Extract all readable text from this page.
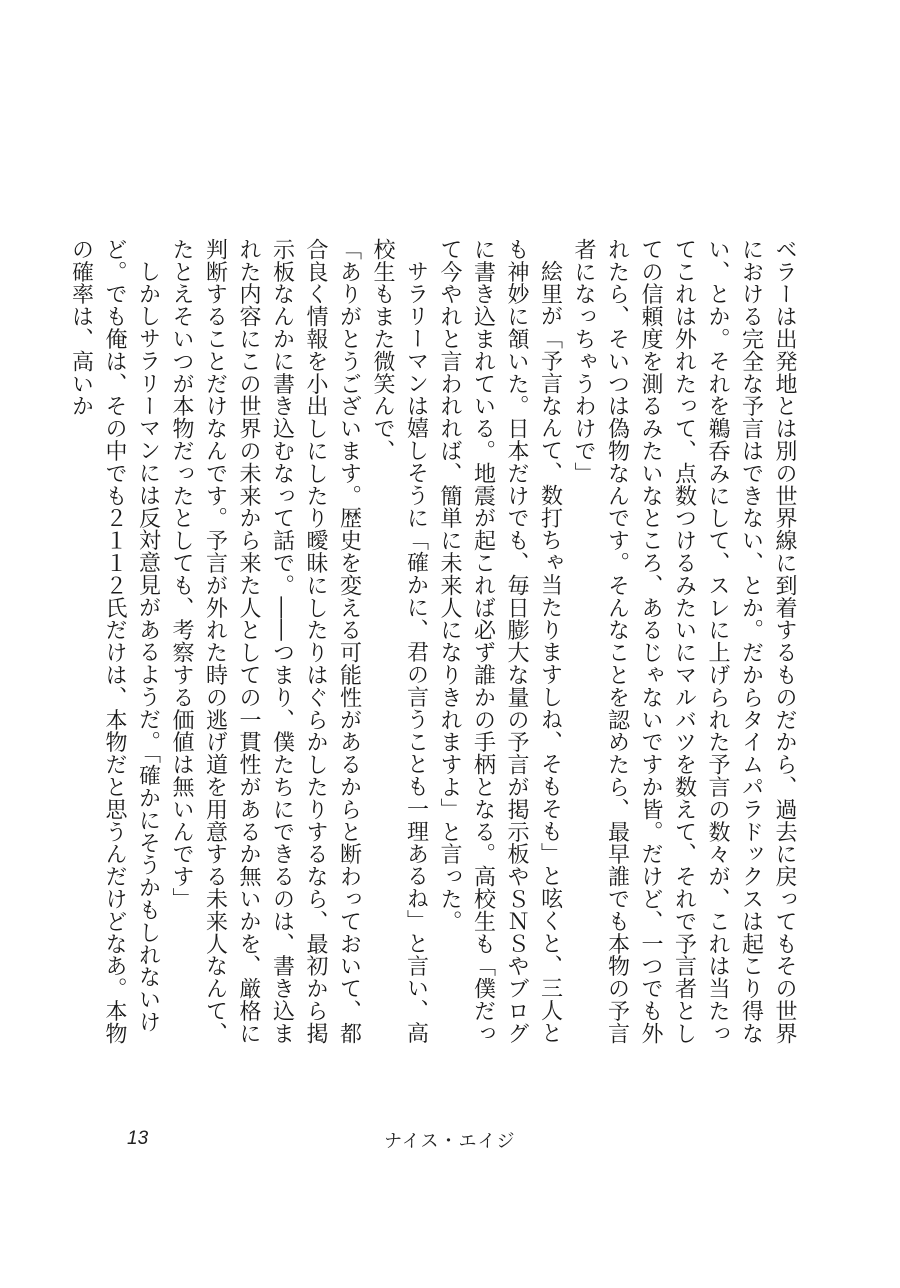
ベラーは出発地とは別の世界線に到着するものだから、過去に戻ってもその世界における完全な予言はできない、とか。だからタイムパラドックスは起こり得ない、とか。それを鵜呑みにして、スレに上げられた予言の数々が、これは当たってこれは外れたって、点数つけるみたいにマルバツを数えて、それで予言者としての信頼度を測るみたいなところ、あるじゃないですか皆。だけど、一つでも外れたら、そいつは偽物なんです。そんなことを認めたら、最早誰でも本物の予言者になっちゃうわけで」

絵里が「予言なんて、数打ちゃ当たりますしね、そもそも」と呟くと、三人とも神妙に頷いた。日本だけでも、毎日膨大な量の予言が掲示板やＳＮＳやブログに書き込まれている。地震が起これば必ず誰かの手柄となる。高校生も「僕だって今やれと言われれば、簡単に未来人になりきれますよ」と言った。

サラリーマンは嬉しそうに「確かに、君の言うことも一理あるね」と言い、高校生もまた微笑んで、

「ありがとうございます。歴史を変える可能性があるからと断わっておいて、都合良く情報を小出しにしたり曖昧にしたりはぐらかしたりするなら、最初から掲示板なんかに書き込むなって話で。――つまり、僕たちにできるのは、書き込まれた内容にこの世界の未来から来た人としての一貫性があるか無いかを、厳格に判断することだけなんです。予言が外れた時の逃げ道を用意する未来人なんて、たとえそいつが本物だったとしても、考察する価値は無いんです」

しかしサラリーマンには反対意見があるようだ。「確かにそうかもしれないけど。でも俺は、その中でも２１１２氏だけは、本物だと思うんだけどなあ。本物の確率は、高いか

13	ナイス・エイジ
